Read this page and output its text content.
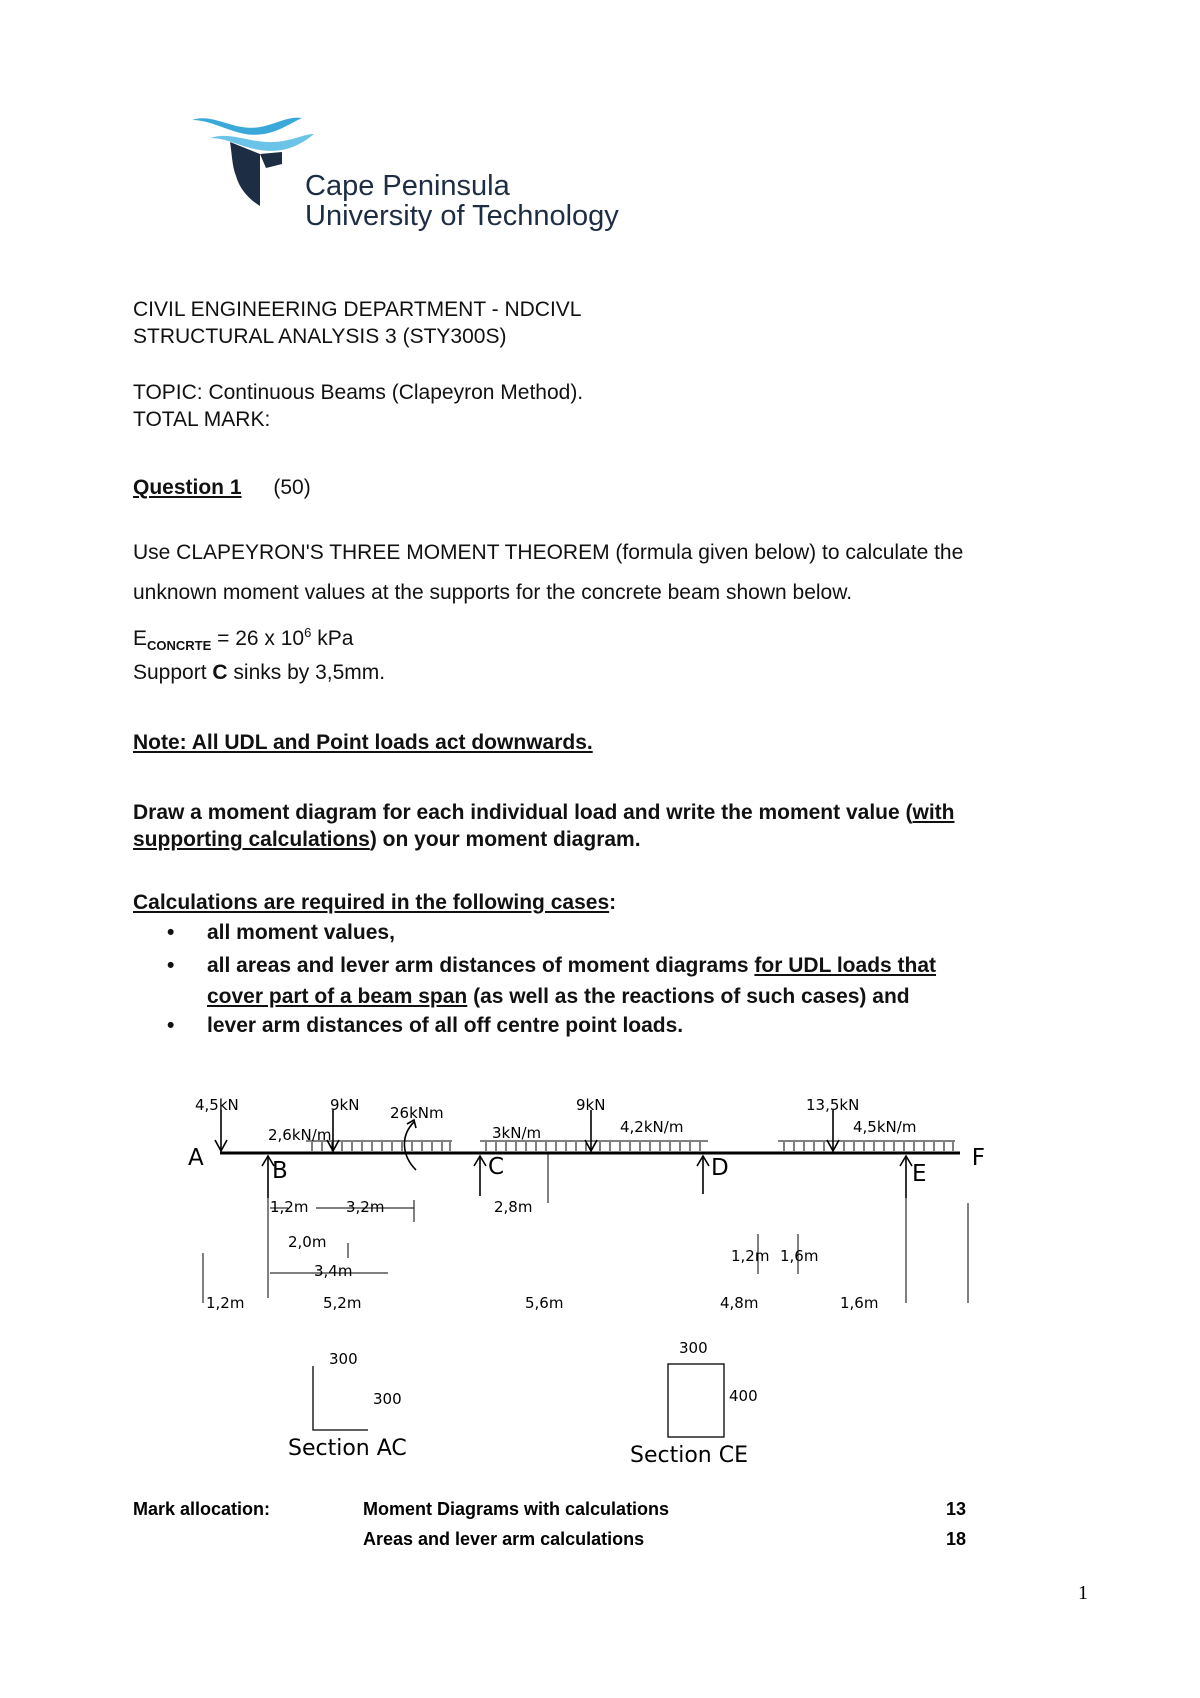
Cape Peninsula
University of Technology
CIVIL ENGINEERING DEPARTMENT - NDCIVL
STRUCTURAL ANALYSIS 3 (STY300S)
TOPIC: Continuous Beams (Clapeyron Method).
TOTAL MARK:
Question 1 (50)
Use CLAPEYRON'S THREE MOMENT THEOREM (formula given below) to calculate the
unknown moment values at the supports for the concrete beam shown below.
$E_{CONCRTE} = 26$ x $10^6$ kPa
Support C sinks by 3,5mm.
Note: All UDL and Point loads act downwards.
Draw a moment diagram for each individual load and write the moment value (with
supporting calculations) on your moment diagram.
Calculations are required in the following cases:
• all moment values,
• all areas and lever arm distances of moment diagrams for UDL loads that
cover part of a beam span (as well as the reactions of such cases) and
• lever arm distances of all off centre point loads.
A	B	C	D	E
F
4,5kN	9kN 26kNm
2,6kN/m	3kN/m
9kN
4,2kN/m
13,5kN
4,5kN/m
1,2m	3,2m	2,8m
2,0m
3,4m
1,2m 1,6m
1,2m	5,2m	5,6m	4,8m	1,6m
300
300
Section AC
300
400
Section CE
Mark allocation:	Moment Diagrams with calculations	13
Areas and lever arm calculations	18
1
